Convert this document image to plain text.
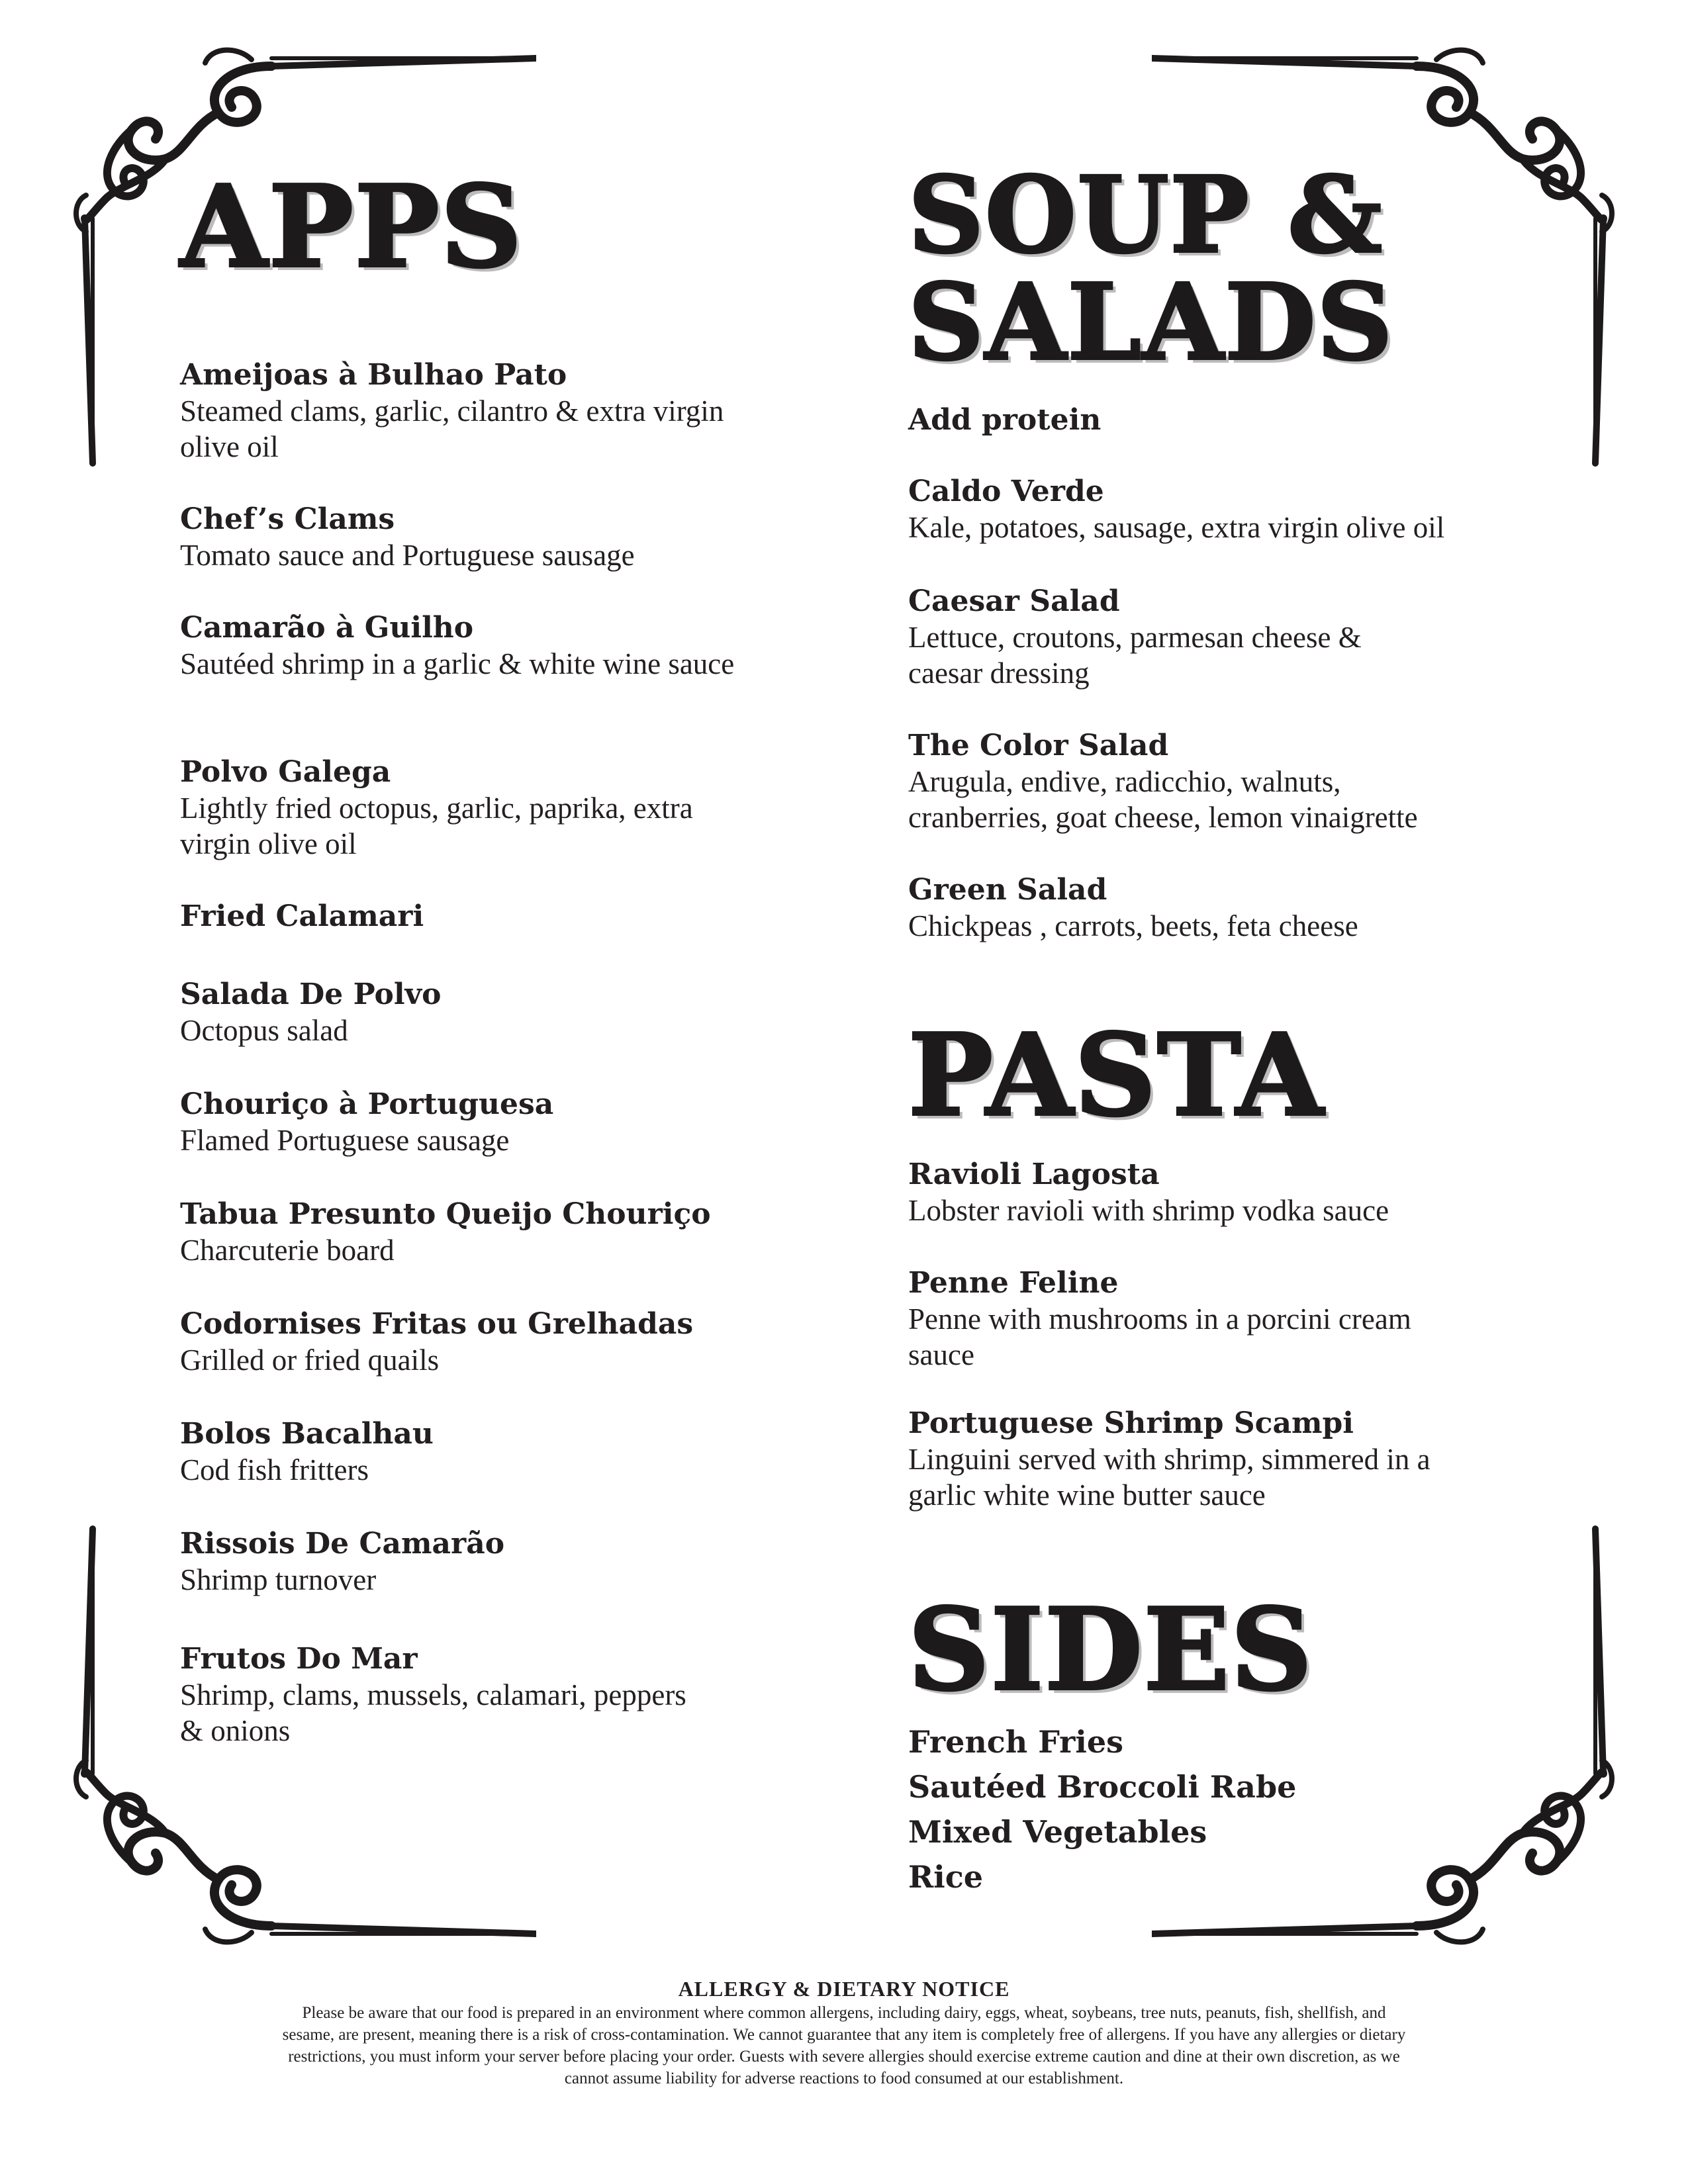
APPS
Ameijoas à Bulhao Pato
Steamed clams, garlic, cilantro & extra virgin
olive oil
Chef’s Clams
Tomato sauce and Portuguese sausage
Camarão à Guilho
Sautéed shrimp in a garlic & white wine sauce
Polvo Galega
Lightly fried octopus, garlic, paprika, extra
virgin olive oil
Fried Calamari
Salada De Polvo
Octopus salad
Chouriço à Portuguesa
Flamed Portuguese sausage
Tabua Presunto Queijo Chouriço
Charcuterie board
Codornises Fritas ou Grelhadas
Grilled or fried quails
Bolos Bacalhau
Cod fish fritters
Rissois De Camarão
Shrimp turnover
Frutos Do Mar
Shrimp, clams, mussels, calamari, peppers
& onions
SOUP &
SALADS
Add protein
Caldo Verde
Kale, potatoes, sausage, extra virgin olive oil
Caesar Salad
Lettuce, croutons, parmesan cheese &
caesar dressing
The Color Salad
Arugula, endive, radicchio, walnuts,
cranberries, goat cheese, lemon vinaigrette
Green Salad
Chickpeas , carrots, beets, feta cheese
PASTA
Ravioli Lagosta
Lobster ravioli with shrimp vodka sauce
Penne Feline
Penne with mushrooms in a porcini cream
sauce
Portuguese Shrimp Scampi
Linguini served with shrimp, simmered in a
garlic white wine butter sauce
SIDES
French Fries
Sautéed Broccoli Rabe
Mixed Vegetables
Rice
ALLERGY & DIETARY NOTICE
Please be aware that our food is prepared in an environment where common allergens, including dairy, eggs, wheat, soybeans, tree nuts, peanuts, fish, shellfish, and
sesame, are present, meaning there is a risk of cross-contamination. We cannot guarantee that any item is completely free of allergens. If you have any allergies or dietary
restrictions, you must inform your server before placing your order. Guests with severe allergies should exercise extreme caution and dine at their own discretion, as we
cannot assume liability for adverse reactions to food consumed at our establishment.
